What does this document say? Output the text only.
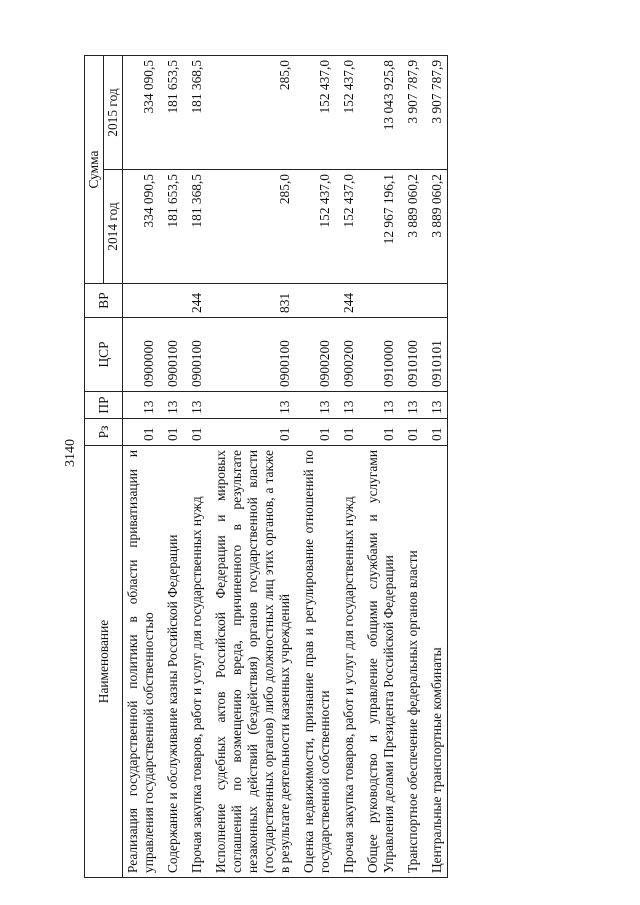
3140
Наименование	Рз	ПР	ЦСР	ВР	Сумма	
					2014 год	2015 год
Реализация государственной политики в области приватизации и управления государственной собственностью	01	13	0900000		334 090,5	334 090,5
Содержание и обслуживание казны Российской Федерации	01	13	0900100		181 653,5	181 653,5
Прочая закупка товаров, работ и услуг для государственных нужд	01	13	0900100	244	181 368,5	181 368,5
Исполнение судебных актов Российской Федерации и мировых соглашений по возмещению вреда, причиненного в результате незаконных действий (бездействия) органов государственной власти (государственных органов) либо должностных лиц этих органов, а также в результате деятельности казенных учреждений	01	13	0900100	831	285,0	285,0
Оценка недвижимости, признание прав и регулирование отношений по государственной собственности	01	13	0900200		152 437,0	152 437,0
Прочая закупка товаров, работ и услуг для государственных нужд	01	13	0900200	244	152 437,0	152 437,0
Общее руководство и управление общими службами и услугами Управления делами Президента Российской Федерации	01	13	0910000		12 967 196,1	13 043 925,8
Транспортное обеспечение федеральных органов власти	01	13	0910100		3 889 060,2	3 907 787,9
Центральные транспортные комбинаты	01	13	0910101		3 889 060,2	3 907 787,9
